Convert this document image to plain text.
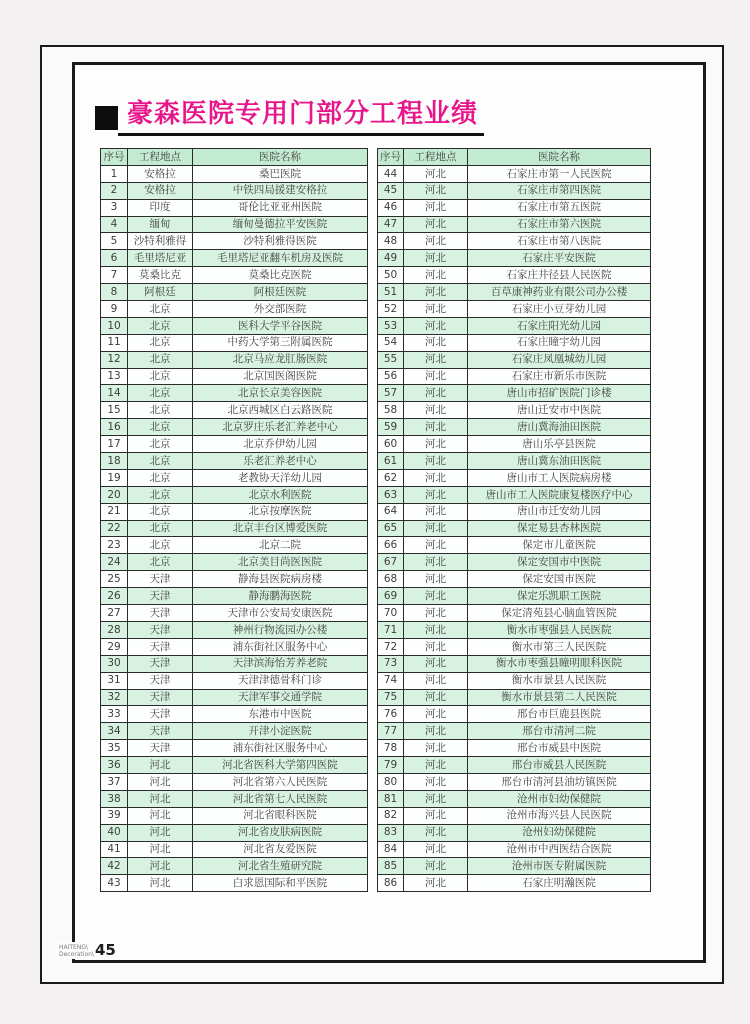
豪森医院专用门部分工程业绩
序号	工程地点	医院名称
1	安格拉	桑巴医院
2	安格拉	中铁四局援建安格拉
3	印度	哥伦比亚亚州医院
4	缅甸	缅甸曼德拉平安医院
5	沙特利雅得	沙特利雅得医院
6	毛里塔尼亚	毛里塔尼亚翻车机房及医院
7	莫桑比克	莫桑比克医院
8	阿根廷	阿根廷医院
9	北京	外交部医院
10	北京	医科大学平谷医院
11	北京	中药大学第三附属医院
12	北京	北京马应龙肛肠医院
13	北京	北京国医阁医院
14	北京	北京长京美容医院
15	北京	北京西城区白云路医院
16	北京	北京罗庄乐老汇养老中心
17	北京	北京乔伊幼儿园
18	北京	乐老汇养老中心
19	北京	老教协天洋幼儿园
20	北京	北京水利医院
21	北京	北京按摩医院
22	北京	北京丰台区博爱医院
23	北京	北京二院
24	北京	北京美目尚医医院
25	天津	静海县医院病房楼
26	天津	静海鹏海医院
27	天津	天津市公安局安康医院
28	天津	神州行物流园办公楼
29	天津	浦东街社区服务中心
30	天津	天津滨海怡芳养老院
31	天津	天津津德骨科门诊
32	天津	天津军事交通学院
33	天津	东港市中医院
34	天津	开津小淀医院
35	天津	浦东街社区服务中心
36	河北	河北省医科大学第四医院
37	河北	河北省第六人民医院
38	河北	河北省第七人民医院
39	河北	河北省眼科医院
40	河北	河北省皮肤病医院
41	河北	河北省友爱医院
42	河北	河北省生殖研究院
43	河北	白求恩国际和平医院
序号	工程地点	医院名称
44	河北	石家庄市第一人民医院
45	河北	石家庄市第四医院
46	河北	石家庄市第五医院
47	河北	石家庄市第六医院
48	河北	石家庄市第八医院
49	河北	石家庄平安医院
50	河北	石家庄井径县人民医院
51	河北	百草康神药业有限公司办公楼
52	河北	石家庄小豆芽幼儿园
53	河北	石家庄阳光幼儿园
54	河北	石家庄瞳宇幼儿园
55	河北	石家庄凤凰城幼儿园
56	河北	石家庄市新乐市医院
57	河北	唐山市招矿医院门诊楼
58	河北	唐山迁安市中医院
59	河北	唐山冀海油田医院
60	河北	唐山乐亭县医院
61	河北	唐山冀东油田医院
62	河北	唐山市工人医院病房楼
63	河北	唐山市工人医院康复楼医疗中心
64	河北	唐山市迁安幼儿园
65	河北	保定易县杏林医院
66	河北	保定市儿童医院
67	河北	保定安国市中医院
68	河北	保定安国市医院
69	河北	保定乐凯职工医院
70	河北	保定清苑县心脑血管医院
71	河北	衡水市枣强县人民医院
72	河北	衡水市第三人民医院
73	河北	衡水市枣强县瞳明眼科医院
74	河北	衡水市景县人民医院
75	河北	衡水市景县第二人民医院
76	河北	邢台市巨鹿县医院
77	河北	邢台市清河二院
78	河北	邢台市威县中医院
79	河北	邢台市威县人民医院
80	河北	邢台市清河县油坊镇医院
81	河北	沧州市妇幼保健院
82	河北	沧州市海兴县人民医院
83	河北	沧州妇幼保健院
84	河北	沧州市中西医结合医院
85	河北	沧州市医专附属医院
86	河北	石家庄明瀚医院
HAITENG\
Decoration\ 45
